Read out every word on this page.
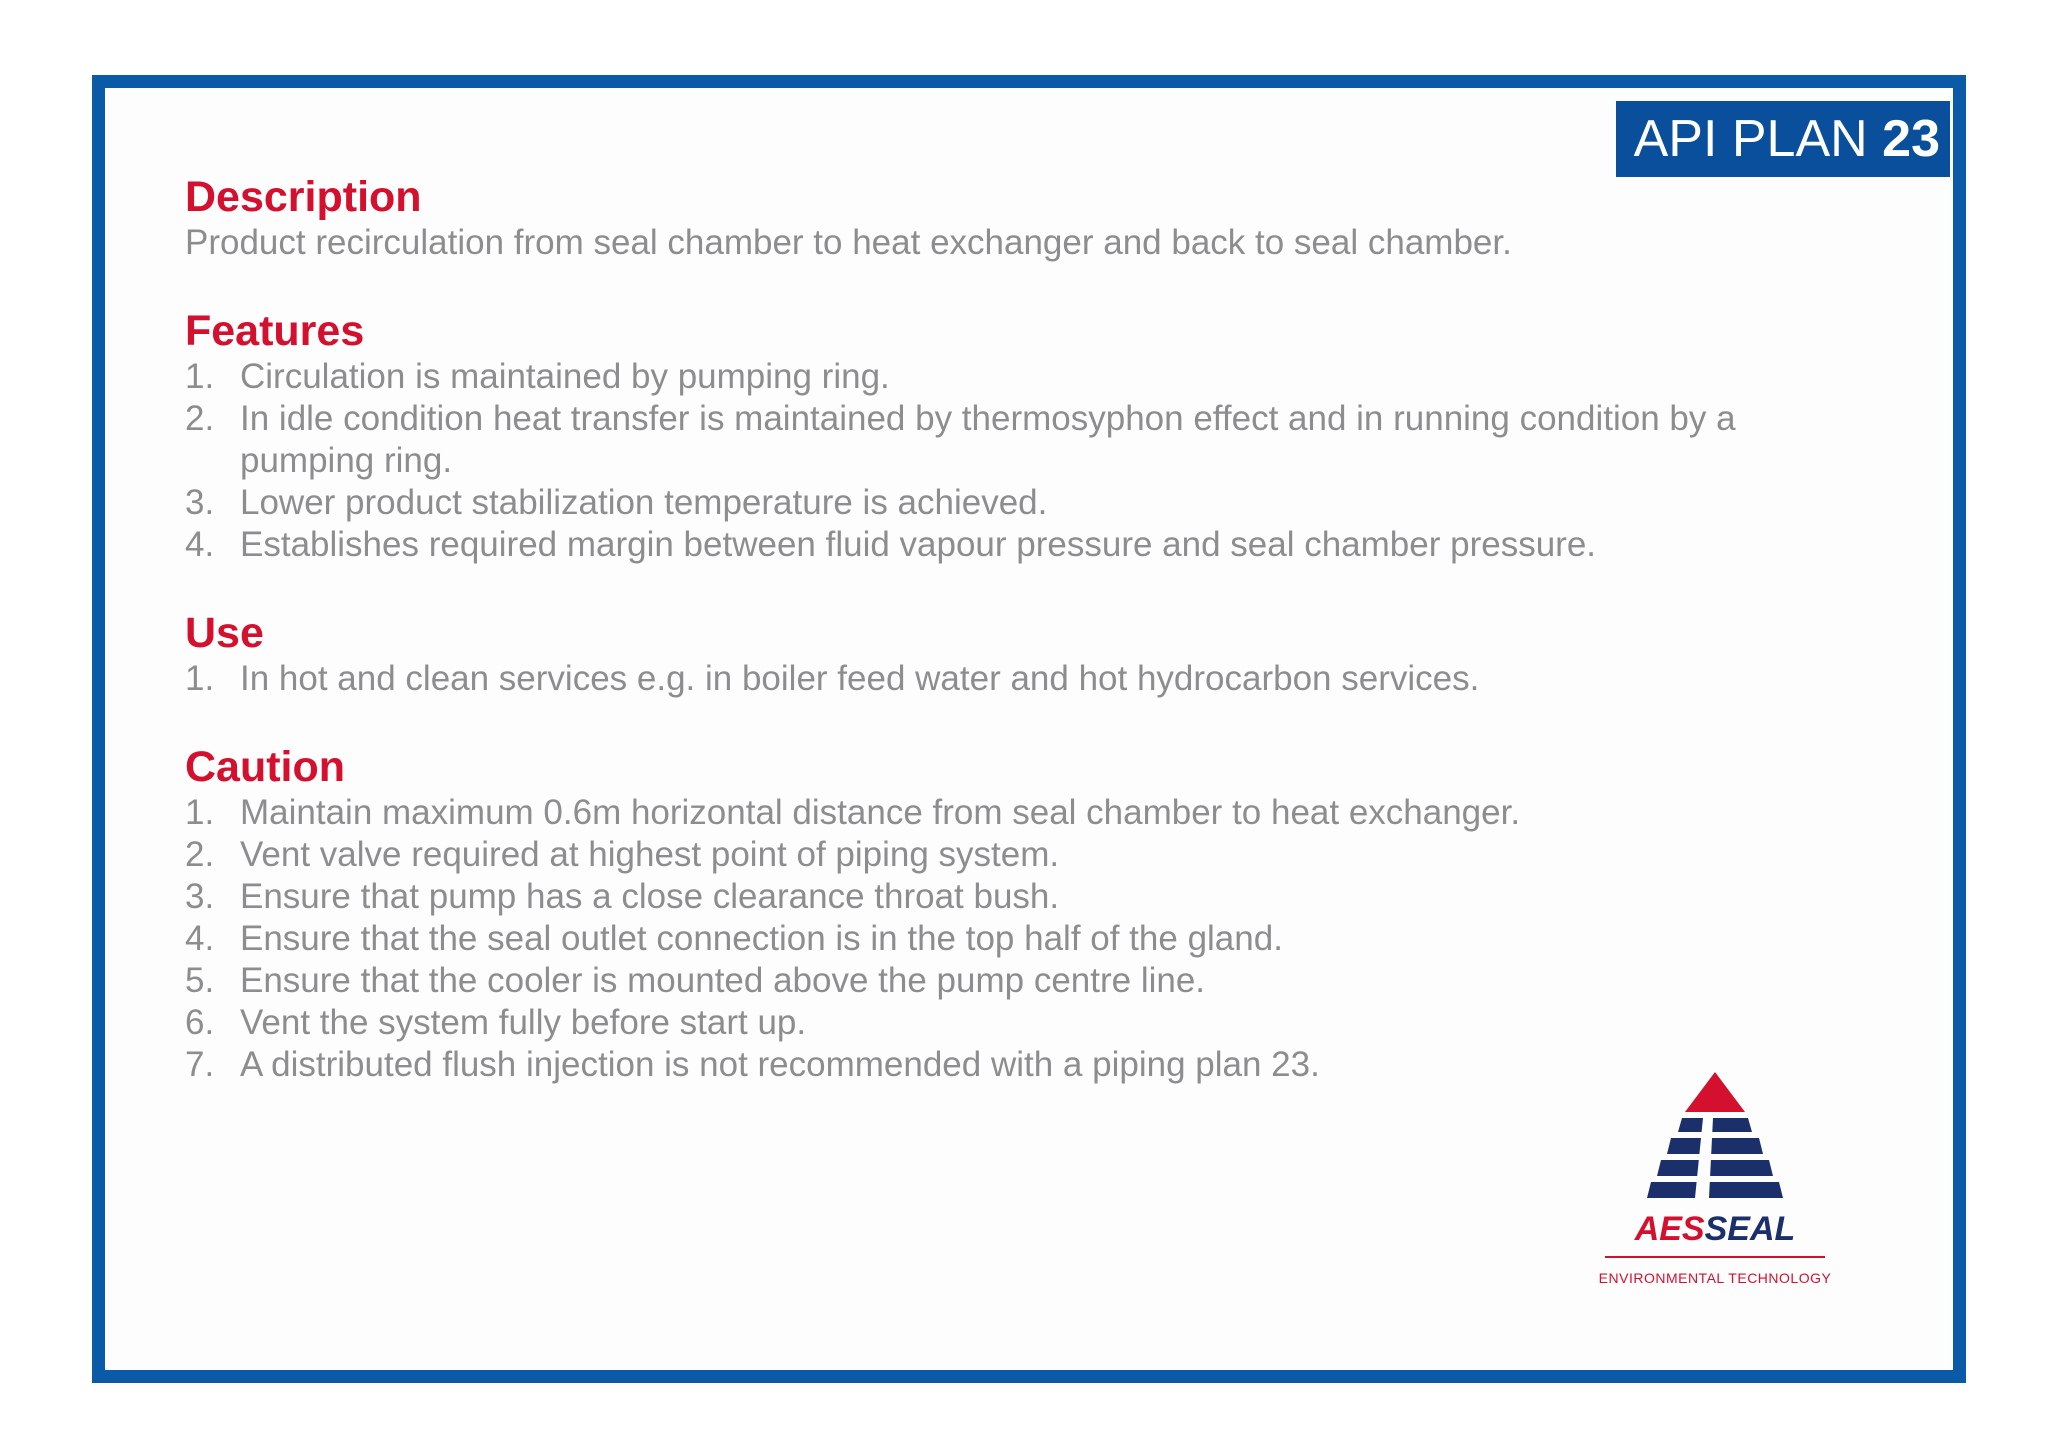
API PLAN 23
Description

Product recirculation from seal chamber to heat exchanger and back to seal chamber.

Features
1. Circulation is maintained by pumping ring.
2. In idle condition heat transfer is maintained by thermosyphon effect and in running condition by a pumping ring.
3. Lower product stabilization temperature is achieved.
4. Establishes required margin between fluid vapour pressure and seal chamber pressure.
Use
1. In hot and clean services e.g. in boiler feed water and hot hydrocarbon services.
Caution
1. Maintain maximum 0.6m horizontal distance from seal chamber to heat exchanger.
2. Vent valve required at highest point of piping system.
3. Ensure that pump has a close clearance throat bush.
4. Ensure that the seal outlet connection is in the top half of the gland.
5. Ensure that the cooler is mounted above the pump centre line.
6. Vent the system fully before start up.
7. A distributed flush injection is not recommended with a piping plan 23.
AESSEAL
ENVIRONMENTAL TECHNOLOGY
